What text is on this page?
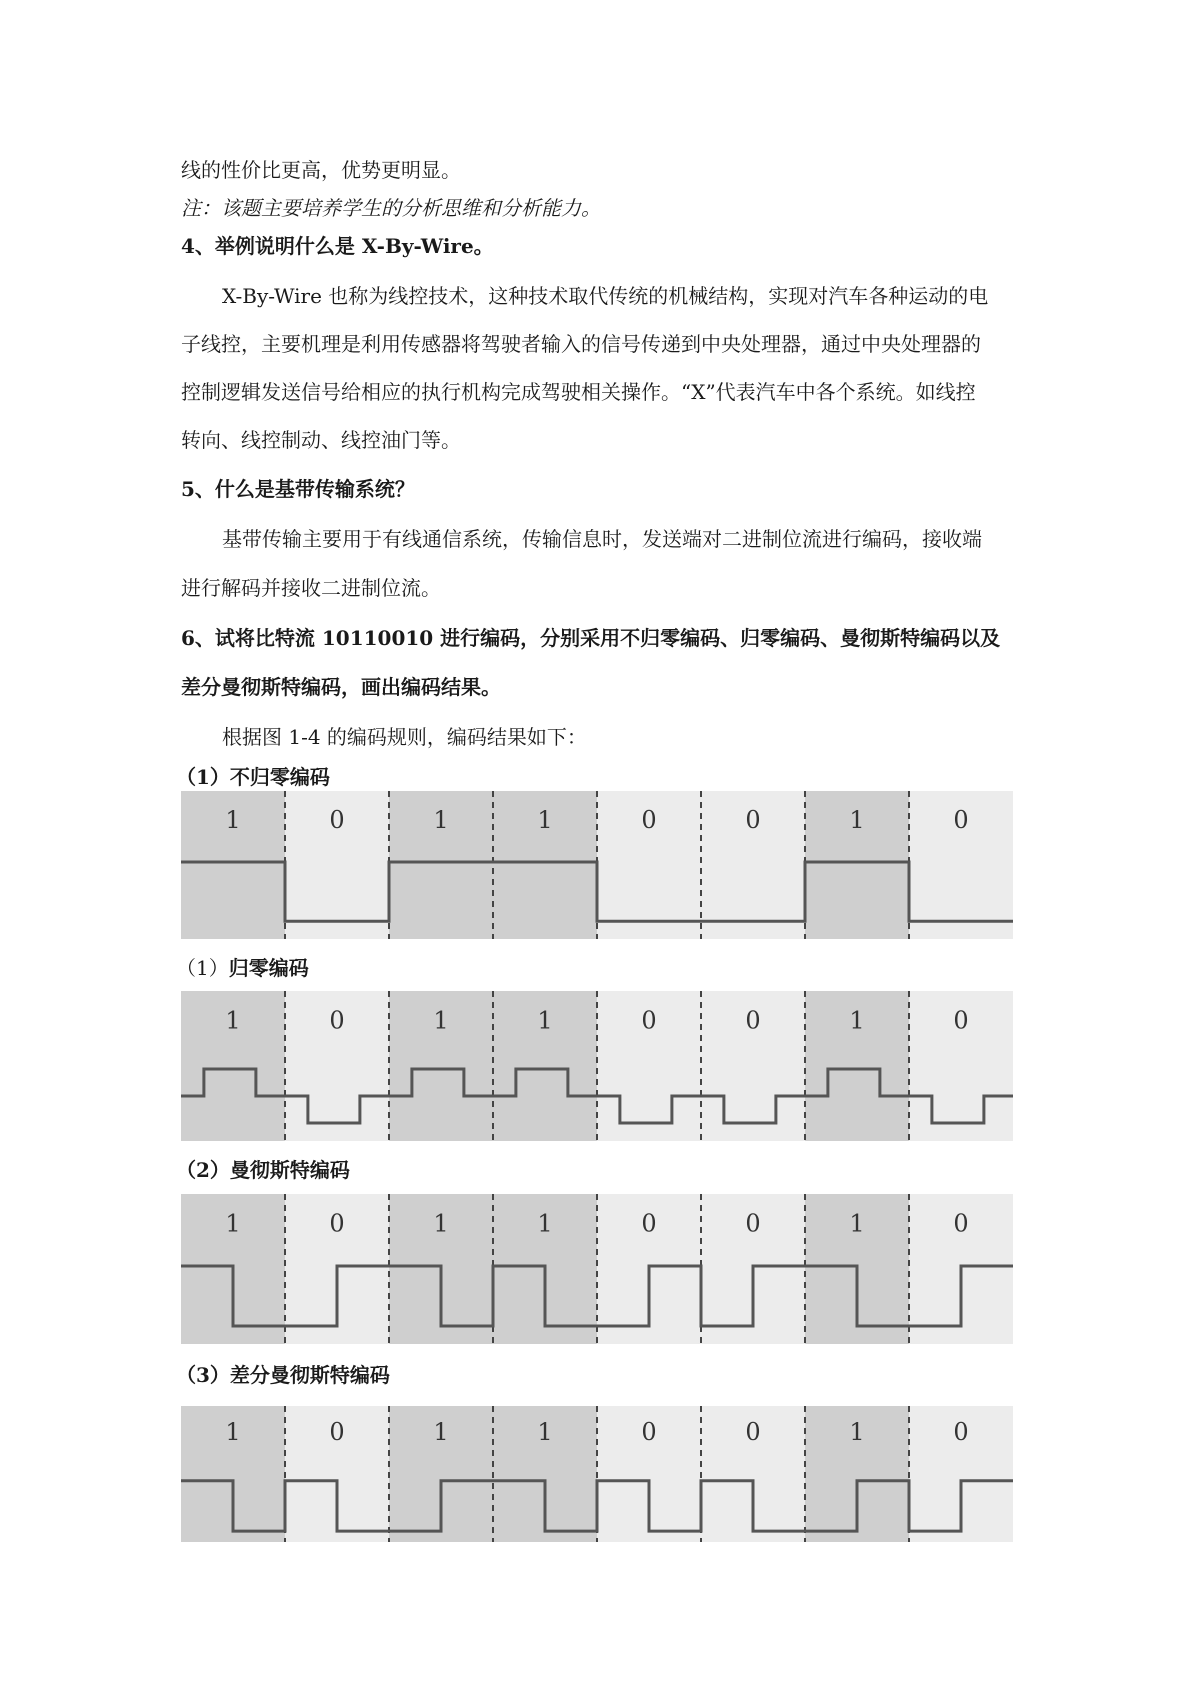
线的性价比更高，优势更明显。
注：该题主要培养学生的分析思维和分析能力。
4、举例说明什么是 X-By-Wire。
X-By-Wire 也称为线控技术，这种技术取代传统的机械结构，实现对汽车各种运动的电
子线控，主要机理是利用传感器将驾驶者输入的信号传递到中央处理器，通过中央处理器的
控制逻辑发送信号给相应的执行机构完成驾驶相关操作。“X”代表汽车中各个系统。如线控
转向、线控制动、线控油门等。
5、什么是基带传输系统？
基带传输主要用于有线通信系统，传输信息时，发送端对二进制位流进行编码，接收端
进行解码并接收二进制位流。
6、试将比特流 10110010 进行编码，分别采用不归零编码、归零编码、曼彻斯特编码以及
差分曼彻斯特编码，画出编码结果。
根据图 1-4 的编码规则，编码结果如下：
（1）不归零编码
1	0	1	1	0	0	1	0
（1）归零编码
1	0	1	1	0	0	1	0
（2）曼彻斯特编码
1	0	1	1	0	0	1	0
（3）差分曼彻斯特编码
1	0	1	1	0	0	1	0
